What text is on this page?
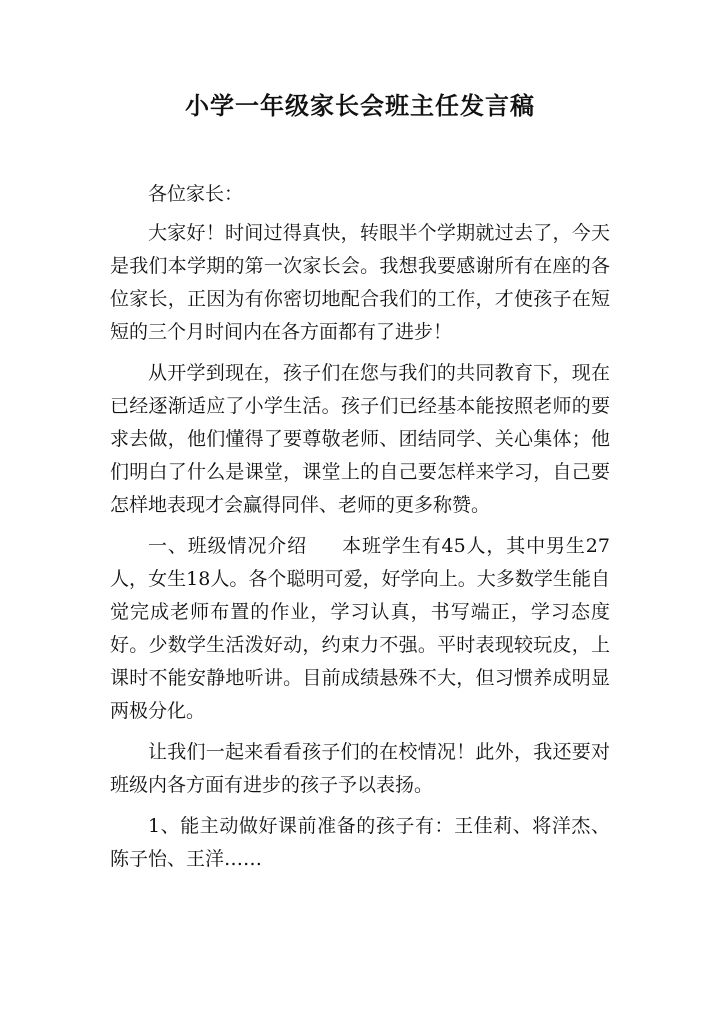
小学一年级家长会班主任发言稿

各位家长：

大家好！时间过得真快，转眼半个学期就过去了，今天是我们本学期的第一次家长会。我想我要感谢所有在座的各位家长，正因为有你密切地配合我们的工作，才使孩子在短短的三个月时间内在各方面都有了进步！

从开学到现在，孩子们在您与我们的共同教育下，现在已经逐渐适应了小学生活。孩子们已经基本能按照老师的要求去做，他们懂得了要尊敬老师、团结同学、关心集体；他们明白了什么是课堂，课堂上的自己要怎样来学习，自己要怎样地表现才会赢得同伴、老师的更多称赞。

一、班级情况介绍 本班学生有45人，其中男生27人，女生18人。各个聪明可爱，好学向上。大多数学生能自觉完成老师布置的作业，学习认真，书写端正，学习态度好。少数学生活泼好动，约束力不强。平时表现较玩皮，上课时不能安静地听讲。目前成绩悬殊不大，但习惯养成明显两极分化。

让我们一起来看看孩子们的在校情况！此外，我还要对班级内各方面有进步的孩子予以表扬。

1、能主动做好课前准备的孩子有：王佳莉、将洋杰、陈子怡、王洋……
